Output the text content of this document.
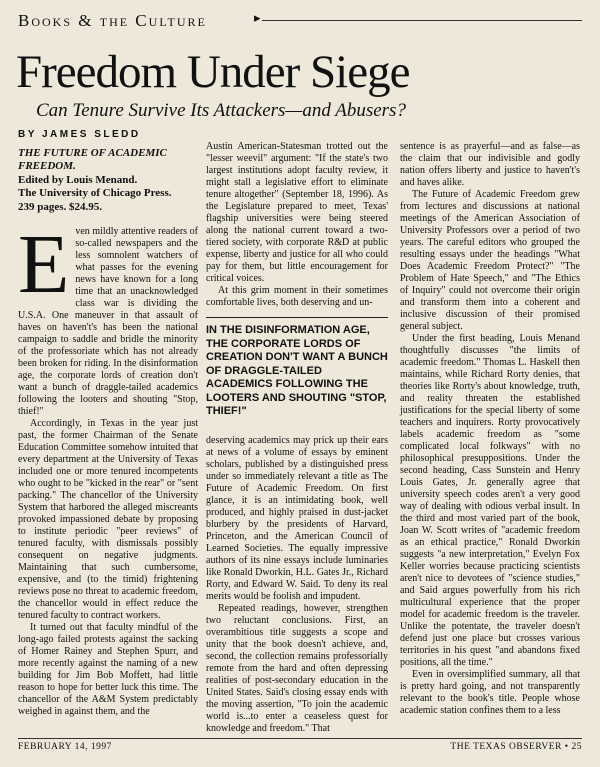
Books & the Culture	▸
Freedom Under Siege
Can Tenure Survive Its Attackers—and Abusers?
BY JAMES SLEDD
THE FUTURE OF ACADEMIC
FREEDOM.
Edited by Louis Menand.
The University of Chicago Press.
239 pages. $24.95.

Even mildly attentive readers of so-called newspapers and the less somnolent watchers of what passes for the evening news have known for a long time that an unacknowledged class war is dividing the U.S.A. One maneuver in that assault of haves on haven't's has been the national campaign to saddle and bridle the minority of the professoriate which has not already been broken for riding. In the disinformation age, the corporate lords of creation don't want a bunch of draggle-tailed academics following the looters and shouting "Stop, thief!"

Accordingly, in Texas in the year just past, the former Chairman of the Senate Education Committee somehow intuited that every department at the University of Texas included one or more tenured incompetents who ought to be "kicked in the rear" or "sent packing." The chancellor of the University System that harbored the alleged miscreants provoked impassioned debate by proposing to institute periodic "peer reviews" of tenured faculty, with dismissals possibly consequent on negative judgments. Maintaining that such cumbersome, expensive, and (to the timid) frightening reviews pose no threat to academic freedom, the chancellor would in effect reduce the tenured faculty to contract workers.

It turned out that faculty mindful of the long-ago failed protests against the sacking of Homer Rainey and Stephen Spurr, and more recently against the naming of a new building for Jim Bob Moffett, had little reason to hope for better luck this time. The chancellor of the A&M System predictably weighed in against them, and the

Austin American-Statesman trotted out the "lesser weevil" argument: "If the state's two largest institutions adopt faculty review, it might stall a legislative effort to eliminate tenure altogether" (September 18, 1996). As the Legislature prepared to meet, Texas' flagship universities were being steered along the national current toward a two-tiered society, with corporate R&D at public expense, liberty and justice for all who could pay for them, but little encouragement for critical voices.

At this grim moment in their sometimes comfortable lives, both deserving and un-

IN THE DISINFORMATION AGE, THE CORPORATE LORDS OF CREATION DON'T WANT A BUNCH OF DRAGGLE-TAILED ACADEMICS FOLLOWING THE LOOTERS AND SHOUTING "STOP, THIEF!"

deserving academics may prick up their ears at news of a volume of essays by eminent scholars, published by a distinguished press under so immediately relevant a title as The Future of Academic Freedom. On first glance, it is an intimidating book, well produced, and highly praised in dust-jacket blurbery by the presidents of Harvard, Princeton, and the American Council of Learned Societies. The equally impressive authors of its nine essays include luminaries like Ronald Dworkin, H.L. Gates Jr., Richard Rorty, and Edward W. Said. To deny its real merits would be foolish and impudent.

Repeated readings, however, strengthen two reluctant conclusions. First, an overambitious title suggests a scope and unity that the book doesn't achieve, and, second, the collection remains professorially remote from the hard and often depressing realities of post-secondary education in the United States. Said's closing essay ends with the moving assertion, "To join the academic world is...to enter a ceaseless quest for knowledge and freedom." That

sentence is as prayerful—and as false—as the claim that our indivisible and godly nation offers liberty and justice to haven't's and haves alike.

The Future of Academic Freedom grew from lectures and discussions at national meetings of the American Association of University Professors over a period of two years. The careful editors who grouped the resulting essays under the headings "What Does Academic Freedom Protect?" "The Problem of Hate Speech," and "The Ethics of Inquiry" could not overcome their origin and transform them into a coherent and inclusive discussion of their promised general subject.

Under the first heading, Louis Menand thoughtfully discusses "the limits of academic freedom." Thomas L. Haskell then maintains, while Richard Rorty denies, that theories like Rorty's about knowledge, truth, and reality threaten the established justifications for the special liberty of some teachers and inquirers. Rorty provocatively labels academic freedom as "some complicated local folkways" with no philosophical presuppositions. Under the second heading, Cass Sunstein and Henry Louis Gates, Jr. generally agree that university speech codes aren't a very good way of dealing with odious verbal insult. In the third and most varied part of the book, Joan W. Scott writes of "academic freedom as an ethical practice," Ronald Dworkin suggests "a new interpretation," Evelyn Fox Keller worries because practicing scientists aren't nice to devotees of "science studies," and Said argues powerfully from his rich multicultural experience that the proper model for academic freedom is the traveler. Unlike the potentate, the traveler doesn't defend just one place but crosses various territories in his quest "and abandons fixed positions, all the time."

Even in oversimplified summary, all that is pretty hard going, and not transparently relevant to the book's title. People whose academic station confines them to a less

FEBRUARY 14, 1997	THE TEXAS OBSERVER • 25
